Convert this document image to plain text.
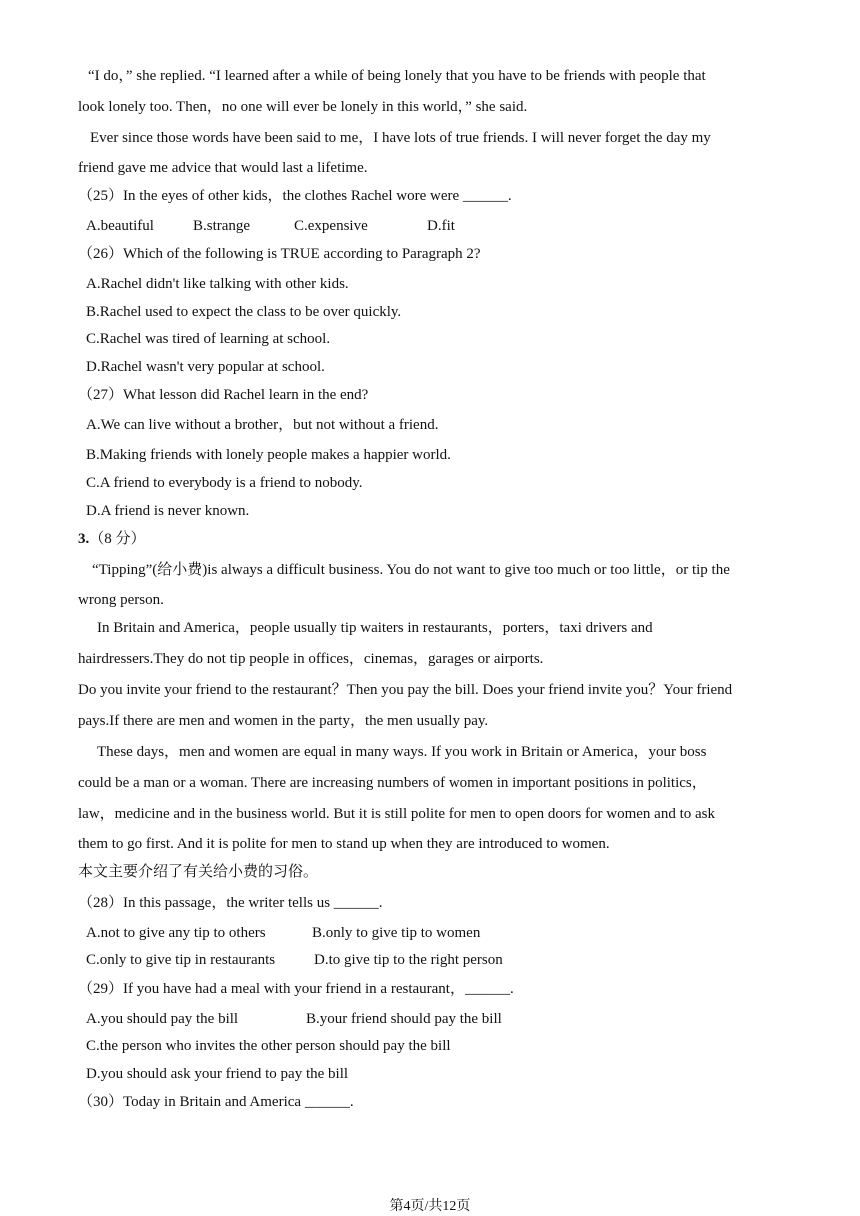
“I do，” she replied. “I learned after a while of being lonely that you have to be friends with people that
look lonely too. Then，no one will ever be lonely in this world，” she said.
Ever since those words have been said to me，I have lots of true friends. I will never forget the day my
friend gave me advice that would last a lifetime.
（25）In the eyes of other kids，the clothes Rachel wore were ______.
A.beautiful	B.strange	C.expensive	D.fit
（26）Which of the following is TRUE according to Paragraph 2?
A.Rachel didn't like talking with other kids.
B.Rachel used to expect the class to be over quickly.
C.Rachel was tired of learning at school.
D.Rachel wasn't very popular at school.
（27）What lesson did Rachel learn in the end?
A.We can live without a brother，but not without a friend.
B.Making friends with lonely people makes a happier world.
C.A friend to everybody is a friend to nobody.
D.A friend is never known.
3.（8 分）
“Tipping”(给小费)is always a difficult business. You do not want to give too much or too little，or tip the
wrong person.
In Britain and America，people usually tip waiters in restaurants，porters，taxi drivers and
hairdressers.They do not tip people in offices，cinemas，garages or airports.
Do you invite your friend to the restaurant？Then you pay the bill. Does your friend invite you？Your friend
pays.If there are men and women in the party，the men usually pay.
These days，men and women are equal in many ways. If you work in Britain or America，your boss
could be a man or a woman. There are increasing numbers of women in important positions in politics，
law，medicine and in the business world. But it is still polite for men to open doors for women and to ask
them to go first. And it is polite for men to stand up when they are introduced to women.
本文主要介绍了有关给小费的习俗。
（28）In this passage，the writer tells us ______.
A.not to give any tip to others	B.only to give tip to women
C.only to give tip in restaurants	D.to give tip to the right person
（29）If you have had a meal with your friend in a restaurant，______.
A.you should pay the bill	B.your friend should pay the bill
C.the person who invites the other person should pay the bill
D.you should ask your friend to pay the bill
（30）Today in Britain and America ______.
第4页/共12页
